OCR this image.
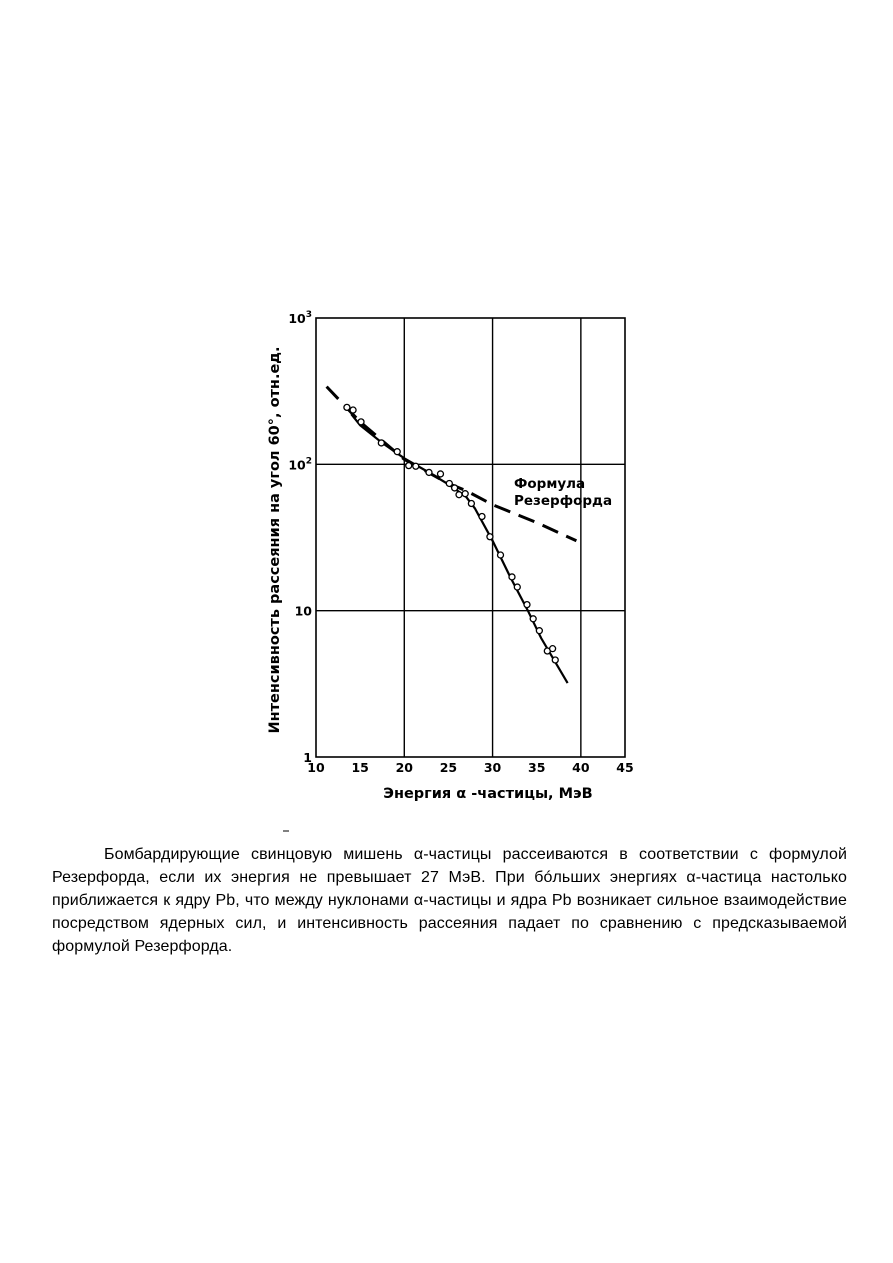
10 15 20 25 30 35 40 45
1
10
$10^2$
$10^3$
Энергия α -частицы, МэВ
Интенсивность рассеяния на угол 60°, отн.ед.	Формула
Резерфорда

Бомбардирующие свинцовую мишень α-частицы рассеиваются в соответствии с формулой Резерфорда, если их энергия не превышает 27 МэВ. При бóльших энергиях α-частица настолько приближается к ядру Pb, что между нуклонами α-частицы и ядра Pb возникает сильное взаимодействие посредством ядерных сил, и интенсивность рассеяния падает по сравнению с предсказываемой формулой Резерфорда.
